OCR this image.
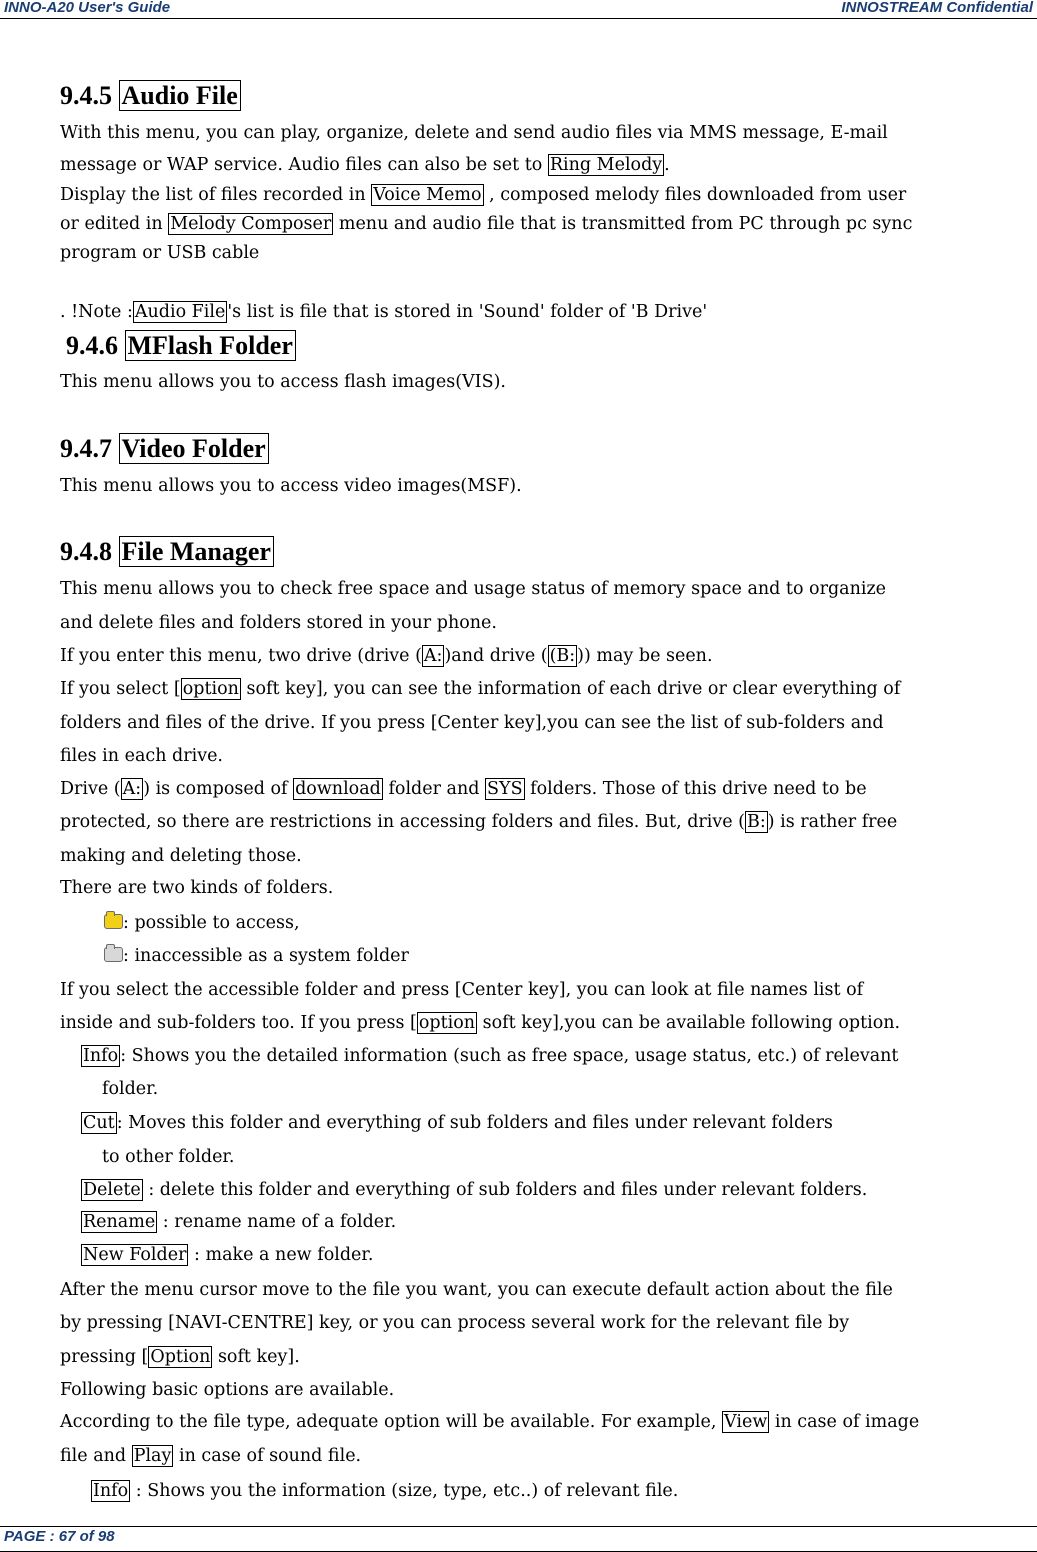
INNO-A20 User's Guide	INNOSTREAM Confidential
9.4.5 Audio File
With this menu, you can play, organize, delete and send audio files via MMS message, E-mail
message or WAP service. Audio files can also be set to Ring Melody .
Display the list of files recorded in Voice Memo , composed melody files downloaded from user
or edited in Melody Composer menu and audio file that is transmitted from PC through pc sync
program or USB cable
. !Note : Audio File 's list is file that is stored in 'Sound' folder of 'B Drive'
9.4.6 MFlash Folder
This menu allows you to access flash images(VIS).
9.4.7 Video Folder
This menu allows you to access video images(MSF).
9.4.8 File Manager
This menu allows you to check free space and usage status of memory space and to organize
and delete files and folders stored in your phone.
If you enter this menu, two drive (drive ( A: )and drive ( (B: )) may be seen.
If you select [ option soft key], you can see the information of each drive or clear everything of
folders and files of the drive. If you press [Center key],you can see the list of sub-folders and
files in each drive.
Drive ( A: ) is composed of download folder and SYS folders. Those of this drive need to be
protected, so there are restrictions in accessing folders and files. But, drive ( B: ) is rather free
making and deleting those.
There are two kinds of folders.
: possible to access,
: inaccessible as a system folder
If you select the accessible folder and press [Center key], you can look at file names list of
inside and sub-folders too. If you press [ option soft key],you can be available following option.
Info : Shows you the detailed information (such as free space, usage status, etc.) of relevant
folder.
Cut : Moves this folder and everything of sub folders and files under relevant folders
to other folder.
Delete : delete this folder and everything of sub folders and files under relevant folders.
Rename : rename name of a folder.
New Folder : make a new folder.
After the menu cursor move to the file you want, you can execute default action about the file
by pressing [NAVI-CENTRE] key, or you can process several work for the relevant file by
pressing [ Option soft key].
Following basic options are available.
According to the file type, adequate option will be available. For example, View in case of image
file and Play in case of sound file.
Info : Shows you the information (size, type, etc..) of relevant file.
PAGE : 67 of 98
